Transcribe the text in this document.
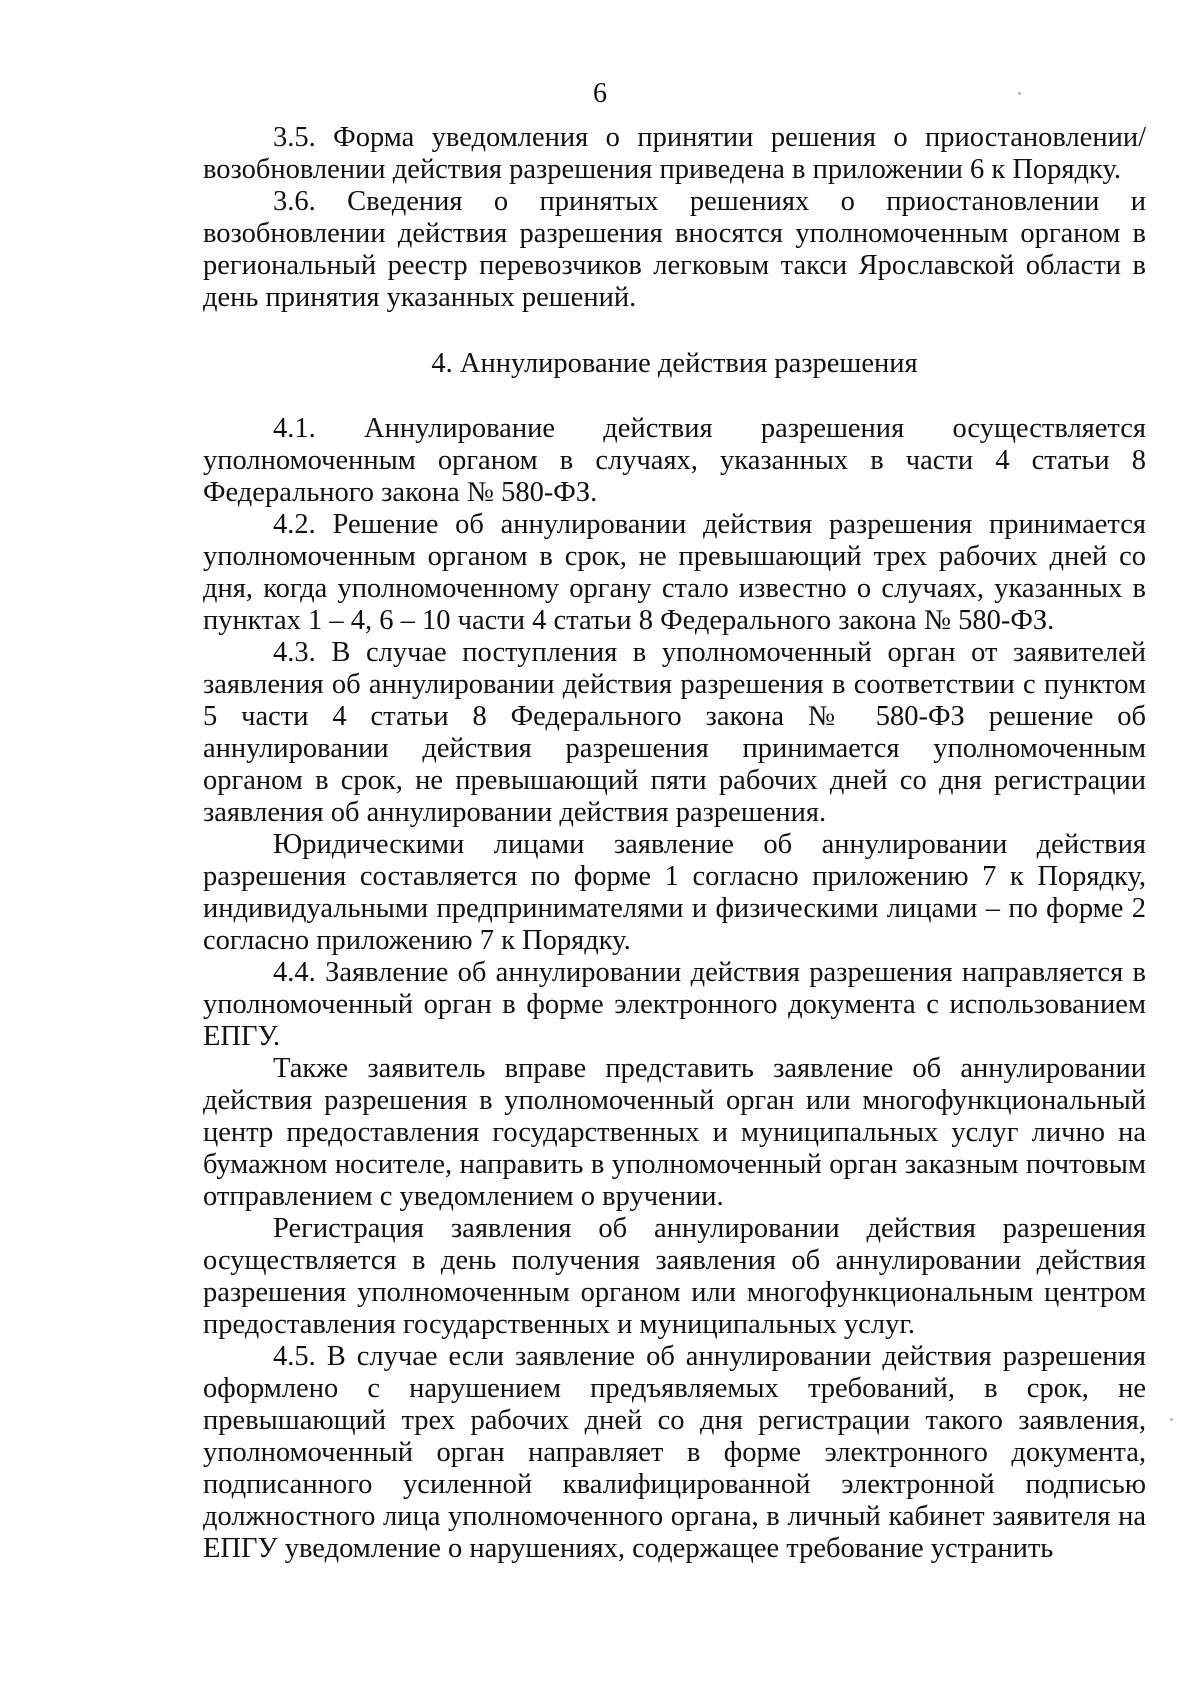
6

3.5. Форма уведомления о принятии решения о приостановлении/возобновлении действия разрешения приведена в приложении 6 к Порядку.

3.6. Сведения о принятых решениях о приостановлении и возобновлении действия разрешения вносятся уполномоченным органом в региональный реестр перевозчиков легковым такси Ярославской области в день принятия указанных решений.

4. Аннулирование действия разрешения

4.1. Аннулирование действия разрешения осуществляется уполномоченным органом в случаях, указанных в части 4 статьи 8 Федерального закона № 580-ФЗ.

4.2. Решение об аннулировании действия разрешения принимается уполномоченным органом в срок, не превышающий трех рабочих дней со дня, когда уполномоченному органу стало известно о случаях, указанных в пунктах 1 – 4, 6 – 10 части 4 статьи 8 Федерального закона № 580-ФЗ.

4.3. В случае поступления в уполномоченный орган от заявителей заявления об аннулировании действия разрешения в соответствии с пунктом 5 части 4 статьи 8 Федерального закона № 580-ФЗ решение об аннулировании действия разрешения принимается уполномоченным органом в срок, не превышающий пяти рабочих дней со дня регистрации заявления об аннулировании действия разрешения.

Юридическими лицами заявление об аннулировании действия разрешения составляется по форме 1 согласно приложению 7 к Порядку, индивидуальными предпринимателями и физическими лицами – по форме 2 согласно приложению 7 к Порядку.

4.4. Заявление об аннулировании действия разрешения направляется в уполномоченный орган в форме электронного документа с использованием ЕПГУ.

Также заявитель вправе представить заявление об аннулировании действия разрешения в уполномоченный орган или многофункциональный центр предоставления государственных и муниципальных услуг лично на бумажном носителе, направить в уполномоченный орган заказным почтовым отправлением с уведомлением о вручении.

Регистрация заявления об аннулировании действия разрешения осуществляется в день получения заявления об аннулировании действия разрешения уполномоченным органом или многофункциональным центром предоставления государственных и муниципальных услуг.

4.5. В случае если заявление об аннулировании действия разрешения оформлено с нарушением предъявляемых требований, в срок, не превышающий трех рабочих дней со дня регистрации такого заявления, уполномоченный орган направляет в форме электронного документа, подписанного усиленной квалифицированной электронной подписью должностного лица уполномоченного органа, в личный кабинет заявителя на ЕПГУ уведомление о нарушениях, содержащее требование устранить
